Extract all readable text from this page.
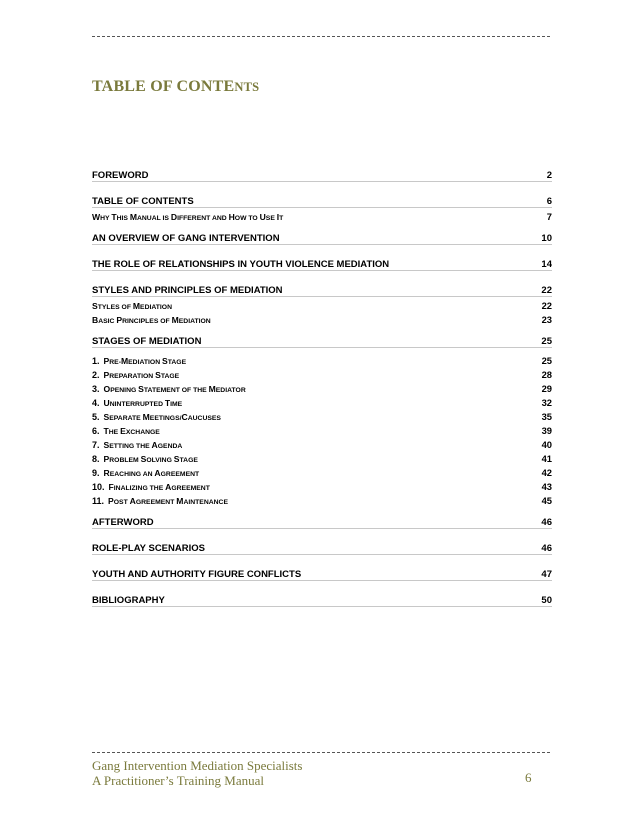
TABLE OF CONTENTS
FOREWORD	2
TABLE OF CONTENTS	6
WHY THIS MANUAL IS DIFFERENT AND HOW TO USE IT	7
AN OVERVIEW OF GANG INTERVENTION	10
THE ROLE OF RELATIONSHIPS IN YOUTH VIOLENCE MEDIATION	14
STYLES AND PRINCIPLES OF MEDIATION	22
STYLES OF MEDIATION	22
BASIC PRINCIPLES OF MEDIATION	23
STAGES OF MEDIATION	25
1. PRE-MEDIATION STAGE	25
2. PREPARATION STAGE	28
3. OPENING STATEMENT OF THE MEDIATOR	29
4. UNINTERRUPTED TIME	32
5. SEPARATE MEETINGS/CAUCUSES	35
6. THE EXCHANGE	39
7. SETTING THE AGENDA	40
8. PROBLEM SOLVING STAGE	41
9. REACHING AN AGREEMENT	42
10. FINALIZING THE AGREEMENT	43
11. POST AGREEMENT MAINTENANCE	45
AFTERWORD	46
ROLE-PLAY SCENARIOS	46
YOUTH AND AUTHORITY FIGURE CONFLICTS	47
BIBLIOGRAPHY	50
Gang Intervention Mediation Specialists
A Practitioner’s Training Manual	6
